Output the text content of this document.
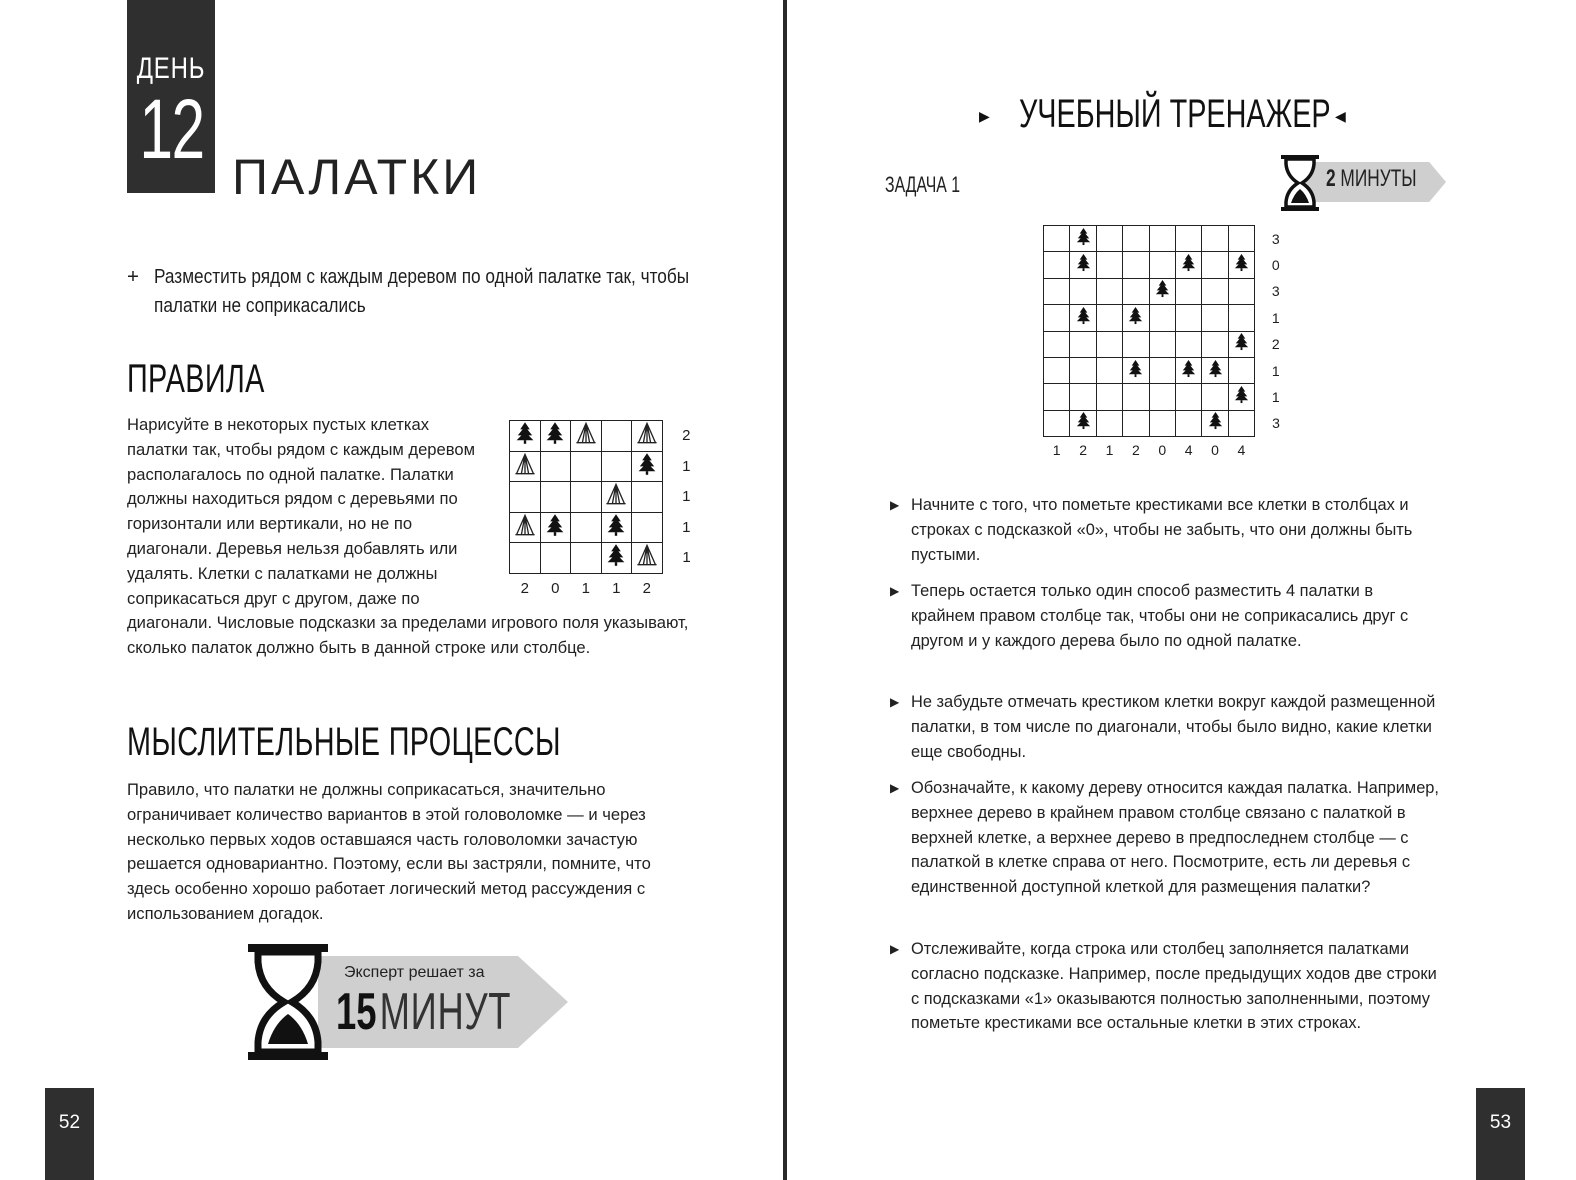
ДЕНЬ
12
ПАЛАТКИ
+ Разместить рядом с каждым деревом по одной палатке так, чтобы палатки не соприкасались
ПРАВИЛА
Нарисуйте в некоторых пустых клетках палатки так, чтобы рядом с каждым деревом располагалось по одной палатке. Палатки должны находиться рядом с деревьями по горизонтали или вертикали, но не по диагонали. Деревья нельзя добавлять или удалять. Клетки с палатками не должны соприкасаться друг с другом, даже по диагонали. Числовые подсказки за пределами игрового поля указывают, сколько палаток должно быть в данной строке или столбце.
					2
					1
					1
					1
					1
2	0	1	1	2	
МЫСЛИТЕЛЬНЫЕ ПРОЦЕССЫ
Правило, что палатки не должны соприкасаться, значительно ограничивает количество вариантов в этой головоломке — и через несколько первых ходов оставшаяся часть головоломки зачастую решается одновариантно. Поэтому, если вы застряли, помните, что здесь особенно хорошо работает логический метод рассуждения с использованием догадок.
Эксперт решает за
15 МИНУТ
52
▶ УЧЕБНЫЙ ТРЕНАЖЕР ◀
ЗАДАЧА 1	2 МИНУТЫ
								3
								0
								3
								1
								2
								1
								1
								3
1	2	1	2	0	4	0	4	
▶ Начните с того, что пометьте крестиками все клетки в столбцах и строках с подсказкой «0», чтобы не забыть, что они должны быть пустыми.
▶ Теперь остается только один способ разместить 4 палатки в крайнем правом столбце так, чтобы они не соприкасались друг с другом и у каждого дерева было по одной палатке.
▶ Не забудьте отмечать крестиком клетки вокруг каждой размещенной палатки, в том числе по диагонали, чтобы было видно, какие клетки еще свободны.
▶ Обозначайте, к какому дереву относится каждая палатка. Например, верхнее дерево в крайнем правом столбце связано с палаткой в верхней клетке, а верхнее дерево в предпоследнем столбце — с палаткой в клетке справа от него. Посмотрите, есть ли деревья с единственной доступной клеткой для размещения палатки?
▶ Отслеживайте, когда строка или столбец заполняется палатками согласно подсказке. Например, после предыдущих ходов две строки с подсказками «1» оказываются полностью заполненными, поэтому пометьте крестиками все остальные клетки в этих строках.
53
